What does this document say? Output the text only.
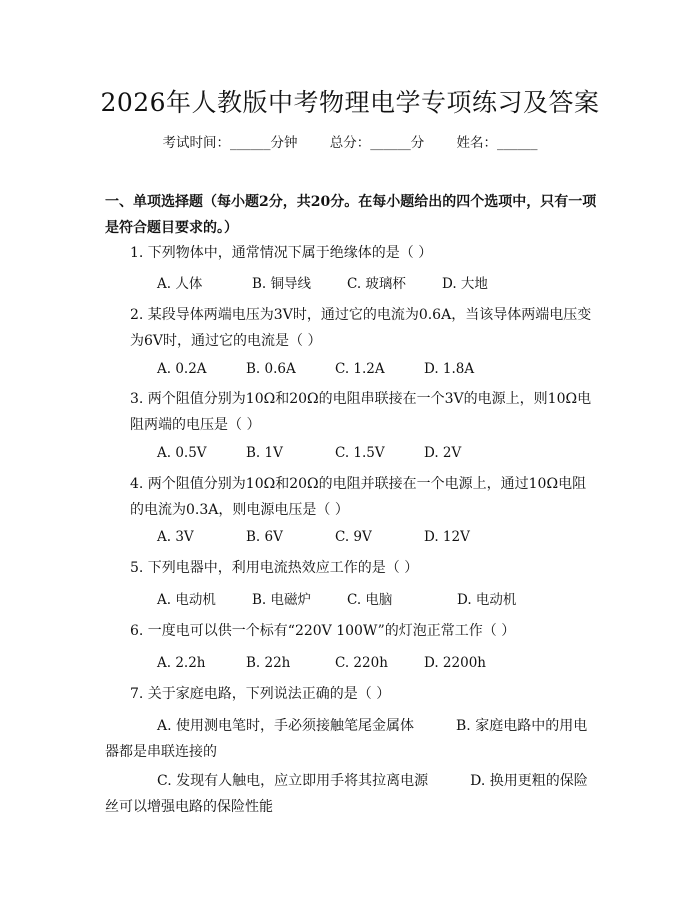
2026年人教版中考物理电学专项练习及答案
考试时间：______分钟 总分：______分 姓名：______
一、单项选择题（每小题2分，共20分。在每小题给出的四个选项中，只有一项是符合题目要求的。）
1. 下列物体中，通常情况下属于绝缘体的是（ ）
A. 人体	B. 铜导线	C. 玻璃杯	D. 大地
2. 某段导体两端电压为3V时，通过它的电流为0.6A，当该导体两端电压变为6V时，通过它的电流是（ ）
A. 0.2A	B. 0.6A	C. 1.2A	D. 1.8A
3. 两个阻值分别为10Ω和20Ω的电阻串联接在一个3V的电源上，则10Ω电阻两端的电压是（ ）
A. 0.5V	B. 1V	C. 1.5V	D. 2V
4. 两个阻值分别为10Ω和20Ω的电阻并联接在一个电源上，通过10Ω电阻的电流为0.3A，则电源电压是（ ）
A. 3V	B. 6V	C. 9V	D. 12V
5. 下列电器中，利用电流热效应工作的是（ ）
A. 电动机	B. 电磁炉	C. 电脑	D. 电动机
6. 一度电可以供一个标有“220V 100W”的灯泡正常工作（ ）
A. 2.2h	B. 22h	C. 220h	D. 2200h
7. 关于家庭电路，下列说法正确的是（ ）
A. 使用测电笔时，手必须接触笔尾金属体　　　B. 家庭电路中的用电器都是串联连接的
C. 发现有人触电，应立即用手将其拉离电源　　　D. 换用更粗的保险丝可以增强电路的保险性能
